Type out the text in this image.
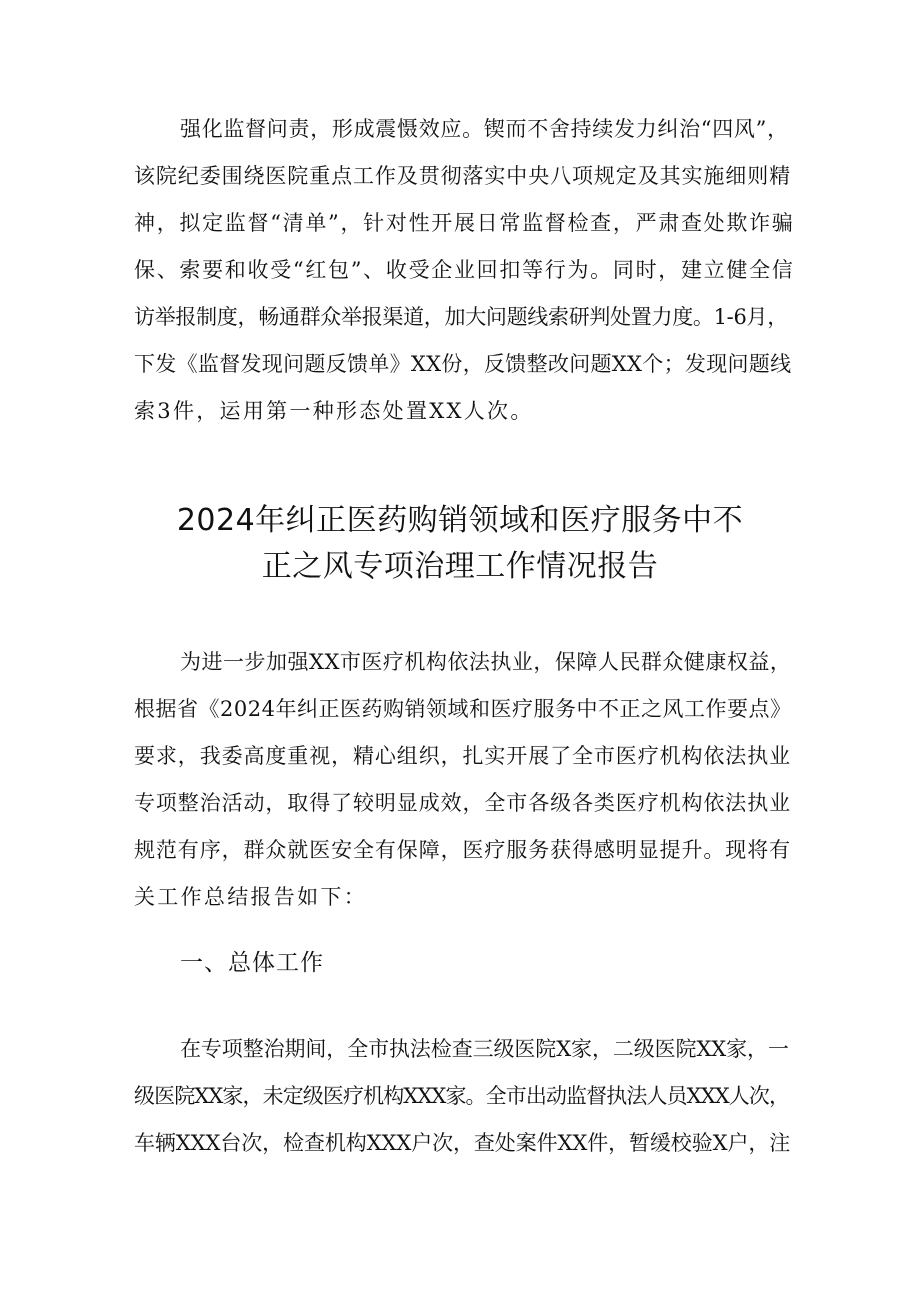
强化监督问责，形成震慑效应。锲而不舍持续发力纠治“四风”，
该院纪委围绕医院重点工作及贯彻落实中央八项规定及其实施细则精
神，拟定监督“清单”，针对性开展日常监督检查，严肃查处欺诈骗
保、索要和收受“红包”、收受企业回扣等行为。同时，建立健全信
访举报制度，畅通群众举报渠道，加大问题线索研判处置力度。1-6月，
下发《监督发现问题反馈单》XX份，反馈整改问题XX个；发现问题线
索3件，运用第一种形态处置XX人次。
2024年纠正医药购销领域和医疗服务中不
正之风专项治理工作情况报告
为进一步加强XX市医疗机构依法执业，保障人民群众健康权益，
根据省《2024年纠正医药购销领域和医疗服务中不正之风工作要点》
要求，我委高度重视，精心组织，扎实开展了全市医疗机构依法执业
专项整治活动，取得了较明显成效，全市各级各类医疗机构依法执业
规范有序，群众就医安全有保障，医疗服务获得感明显提升。现将有
关工作总结报告如下：
一、总体工作
在专项整治期间，全市执法检查三级医院X家，二级医院XX家，一
级医院XX家，未定级医疗机构XXX家。全市出动监督执法人员XXX人次，
车辆XXX台次，检查机构XXX户次，查处案件XX件，暂缓校验X户，注
